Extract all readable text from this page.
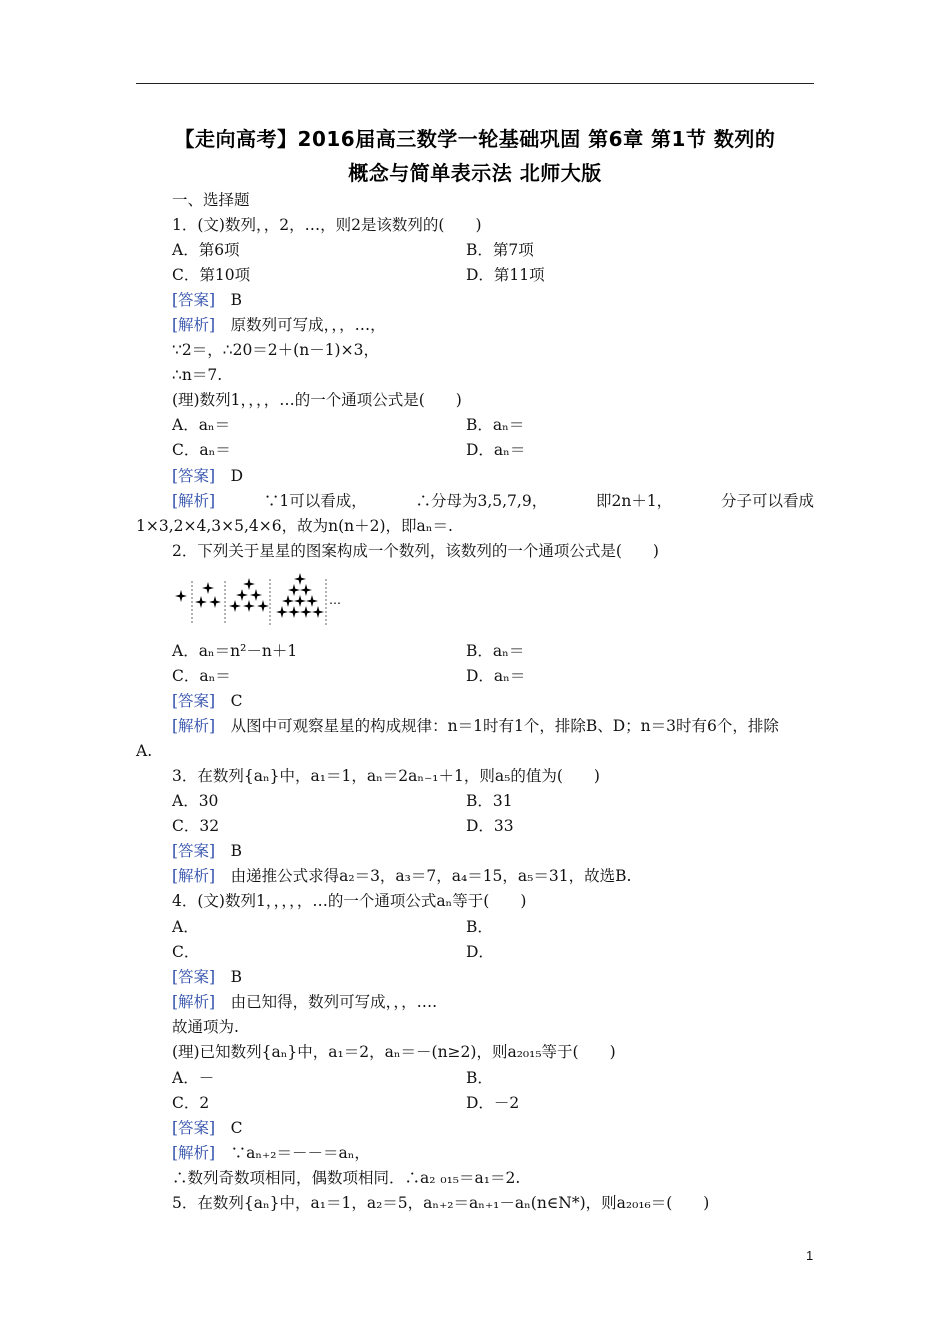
【走向高考】2016届高三数学一轮基础巩固 第6章 第1节 数列的
概念与简单表示法 北师大版
一、选择题
1．(文)数列，，2，…，则2是该数列的(　　)
A．第6项	B．第7项
C．第10项	D．第11项
[答案]　B
[解析]　原数列可写成，，，…，
∵2＝，∴20＝2＋(n－1)×3，
∴n＝7.
(理)数列1，，，，…的一个通项公式是(　　)
A．aₙ＝	B．aₙ＝
C．aₙ＝	D．aₙ＝
[答案]　D
[解析]	∵1可以看成，	∴分母为3,5,7,9，	即2n＋1，	分子可以看成
1×3,2×4,3×5,4×6，故为n(n＋2)，即aₙ＝.
2．下列关于星星的图案构成一个数列，该数列的一个通项公式是(　　)
…
A．aₙ＝n²－n＋1	B．aₙ＝
C．aₙ＝	D．aₙ＝
[答案]　C
[解析]　从图中可观察星星的构成规律：n＝1时有1个，排除B、D；n＝3时有6个，排除
A.
3．在数列{aₙ}中，a₁＝1，aₙ＝2aₙ₋₁＋1，则a₅的值为(　　)
A．30	B．31
C．32	D．33
[答案]　B
[解析]　由递推公式求得a₂＝3，a₃＝7，a₄＝15，a₅＝31，故选B.
4．(文)数列1，，，，，…的一个通项公式aₙ等于(　　)
A．	B．
C．	D．
[答案]　B
[解析]　由已知得，数列可写成，，，….
故通项为.
(理)已知数列{aₙ}中，a₁＝2，aₙ＝－(n≥2)，则a₂₀₁₅等于(　　)
A．－	B．
C．2	D．－2
[答案]　C
[解析]　∵aₙ₊₂＝－－＝aₙ，
∴数列奇数项相同，偶数项相同．∴a₂ ₀₁₅＝a₁＝2.
5．在数列{aₙ}中，a₁＝1，a₂＝5，aₙ₊₂＝aₙ₊₁－aₙ(n∈N*)，则a₂₀₁₆＝(　　)
1
